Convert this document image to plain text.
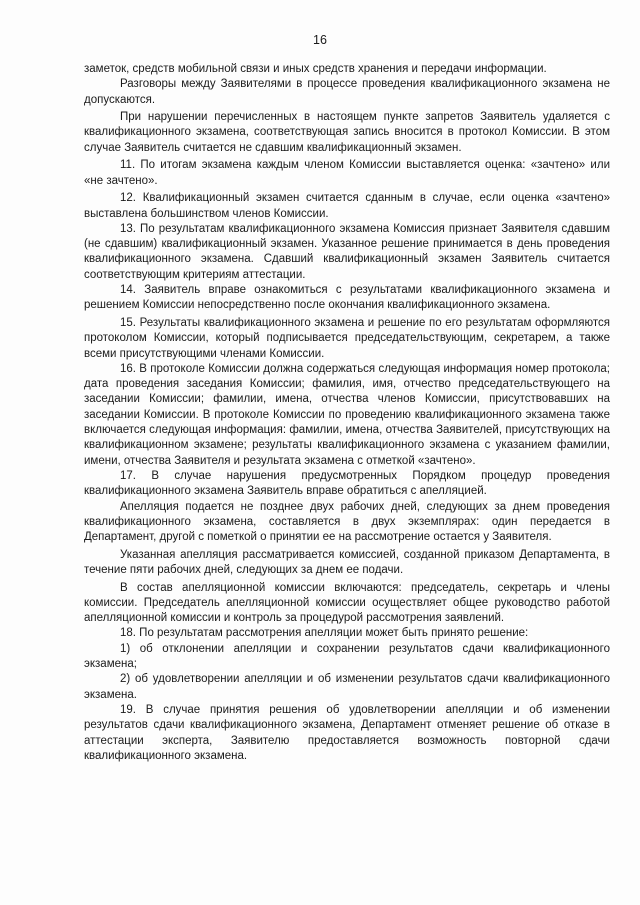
16

заметок, средств мобильной связи и иных средств хранения и передачи информации.

Разговоры между Заявителями в процессе проведения квалификационного экзамена не допускаются.

При нарушении перечисленных в настоящем пункте запретов Заявитель удаляется с квалификационного экзамена, соответствующая запись вносится в протокол Комиссии. В этом случае Заявитель считается не сдавшим квалификационный экзамен.

11. По итогам экзамена каждым членом Комиссии выставляется оценка: «зачтено» или «не зачтено».

12. Квалификационный экзамен считается сданным в случае, если оценка «зачтено» выставлена большинством членов Комиссии.

13. По результатам квалификационного экзамена Комиссия признает Заявителя сдавшим (не сдавшим) квалификационный экзамен. Указанное решение принимается в день проведения квалификационного экзамена. Сдавший квалификационный экзамен Заявитель считается соответствующим критериям аттестации.

14. Заявитель вправе ознакомиться с результатами квалификационного экзамена и решением Комиссии непосредственно после окончания квалификационного экзамена.

15. Результаты квалификационного экзамена и решение по его результатам оформляются протоколом Комиссии, который подписывается председательствующим, секретарем, а также всеми присутствующими членами Комиссии.

16. В протоколе Комиссии должна содержаться следующая информация номер протокола; дата проведения заседания Комиссии; фамилия, имя, отчество председательствующего на заседании Комиссии; фамилии, имена, отчества членов Комиссии, присутствовавших на заседании Комиссии. В протоколе Комиссии по проведению квалификационного экзамена также включается следующая информация: фамилии, имена, отчества Заявителей, присутствующих на квалификационном экзамене; результаты квалификационного экзамена с указанием фамилии, имени, отчества Заявителя и результата экзамена с отметкой «зачтено».

17. В случае нарушения предусмотренных Порядком процедур проведения квалификационного экзамена Заявитель вправе обратиться с апелляцией.

Апелляция подается не позднее двух рабочих дней, следующих за днем проведения квалификационного экзамена, составляется в двух экземплярах: один передается в Департамент, другой с пометкой о принятии ее на рассмотрение остается у Заявителя.

Указанная апелляция рассматривается комиссией, созданной приказом Департамента, в течение пяти рабочих дней, следующих за днем ее подачи.

В состав апелляционной комиссии включаются: председатель, секретарь и члены комиссии. Председатель апелляционной комиссии осуществляет общее руководство работой апелляционной комиссии и контроль за процедурой рассмотрения заявлений.

18. По результатам рассмотрения апелляции может быть принято решение:

1) об отклонении апелляции и сохранении результатов сдачи квалификационного экзамена;

2) об удовлетворении апелляции и об изменении результатов сдачи квалификационного экзамена.

19. В случае принятия решения об удовлетворении апелляции и об изменении результатов сдачи квалификационного экзамена, Департамент отменяет решение об отказе в аттестации эксперта, Заявителю предоставляется возможность повторной сдачи квалификационного экзамена.
